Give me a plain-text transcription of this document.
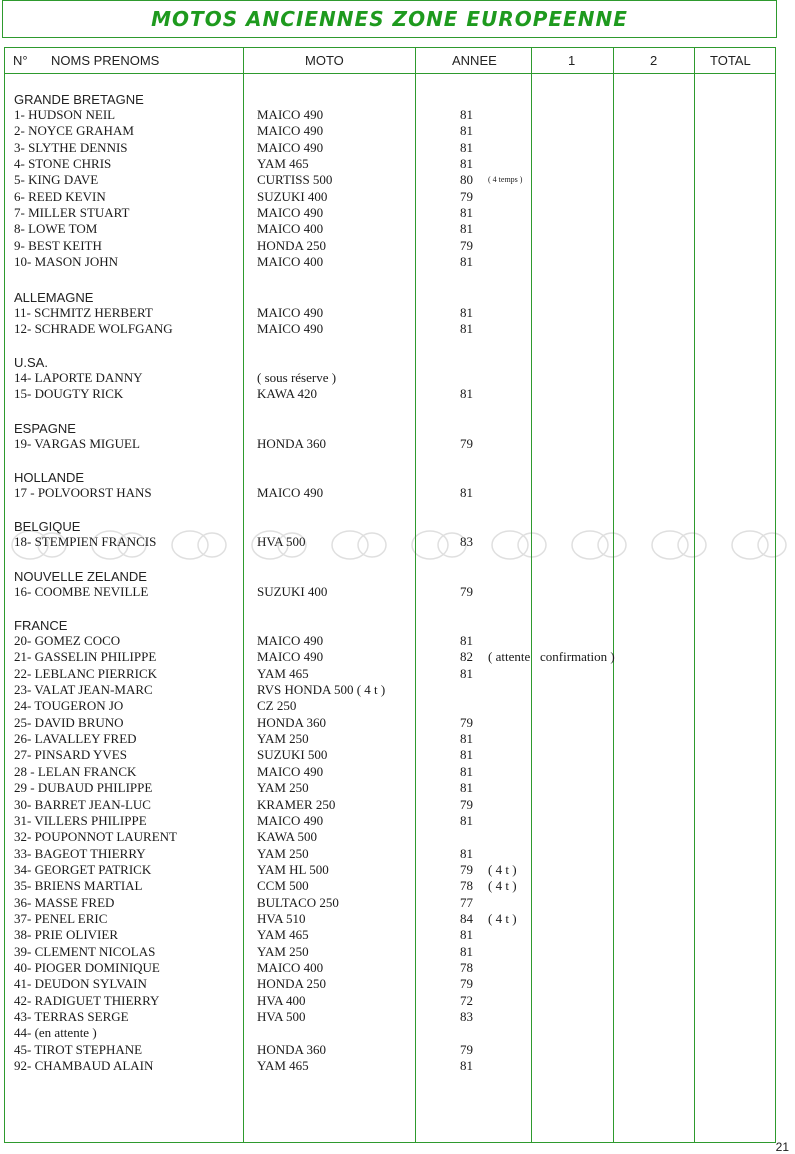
MOTOS ANCIENNES ZONE EUROPEENNE
N° NOMS PRENOMS	MOTO	ANNEE	1	2	TOTAL
GRANDE BRETAGNE
1- HUDSON NEIL	MAICO 490	81
2- NOYCE GRAHAM	MAICO 490	81
3- SLYTHE DENNIS	MAICO 490	81
4- STONE CHRIS	YAM 465	81
5- KING DAVE	CURTISS 500	80 ( 4 temps )
6- REED KEVIN	SUZUKI 400	79
7- MILLER STUART	MAICO 490	81
8- LOWE TOM	MAICO 400	81
9- BEST KEITH	HONDA 250	79
10- MASON JOHN	MAICO 400	81
ALLEMAGNE
11- SCHMITZ HERBERT	MAICO 490	81
12- SCHRADE WOLFGANG	MAICO 490	81
U.SA.
14- LAPORTE DANNY	( sous réserve )
15- DOUGTY RICK	KAWA 420	81
ESPAGNE
19- VARGAS MIGUEL	HONDA 360	79
HOLLANDE
17 - POLVOORST HANS	MAICO 490	81
BELGIQUE
18- STEMPIEN FRANCIS	HVA 500	83
NOUVELLE ZELANDE
16- COOMBE NEVILLE	SUZUKI 400	79
FRANCE
20- GOMEZ COCO	MAICO 490	81
21- GASSELIN PHILIPPE	MAICO 490	82 ( attente confirmation )
22- LEBLANC PIERRICK	YAM 465	81
23- VALAT JEAN-MARC	RVS HONDA 500 ( 4 t )
24- TOUGERON JO	CZ 250
25- DAVID BRUNO	HONDA 360	79
26- LAVALLEY FRED	YAM 250	81
27- PINSARD YVES	SUZUKI 500	81
28 - LELAN FRANCK	MAICO 490	81
29 - DUBAUD PHILIPPE	YAM 250	81
30- BARRET JEAN-LUC	KRAMER 250	79
31- VILLERS PHILIPPE	MAICO 490	81
32- POUPONNOT LAURENT	KAWA 500
33- BAGEOT THIERRY	YAM 250	81
34- GEORGET PATRICK	YAM HL 500	79 ( 4 t )
35- BRIENS MARTIAL	CCM 500	78 ( 4 t )
36- MASSE FRED	BULTACO 250	77
37- PENEL ERIC	HVA 510	84 ( 4 t )
38- PRIE OLIVIER	YAM 465	81
39- CLEMENT NICOLAS	YAM 250	81
40- PIOGER DOMINIQUE	MAICO 400	78
41- DEUDON SYLVAIN	HONDA 250	79
42- RADIGUET THIERRY	HVA 400	72
43- TERRAS SERGE	HVA 500	83
44- (en attente )
45- TIROT STEPHANE	HONDA 360	79
92- CHAMBAUD ALAIN	YAM 465	81
21
